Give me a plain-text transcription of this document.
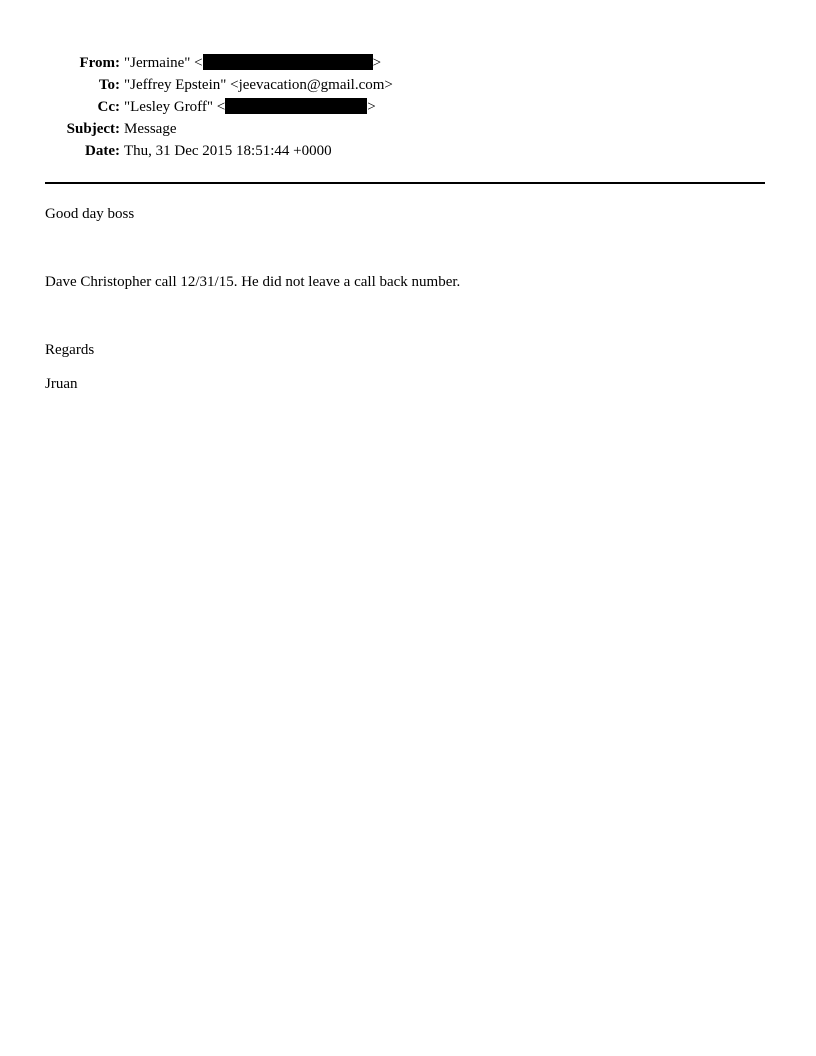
From: "Jermaine" <	>
To: "Jeffrey Epstein" <jeevacation@gmail.com>
Cc: "Lesley Groff" <	>
Subject: Message
Date: Thu, 31 Dec 2015 18:51:44 +0000
Good day boss
Dave Christopher call 12/31/15. He did not leave a call back number.
Regards
Jruan
